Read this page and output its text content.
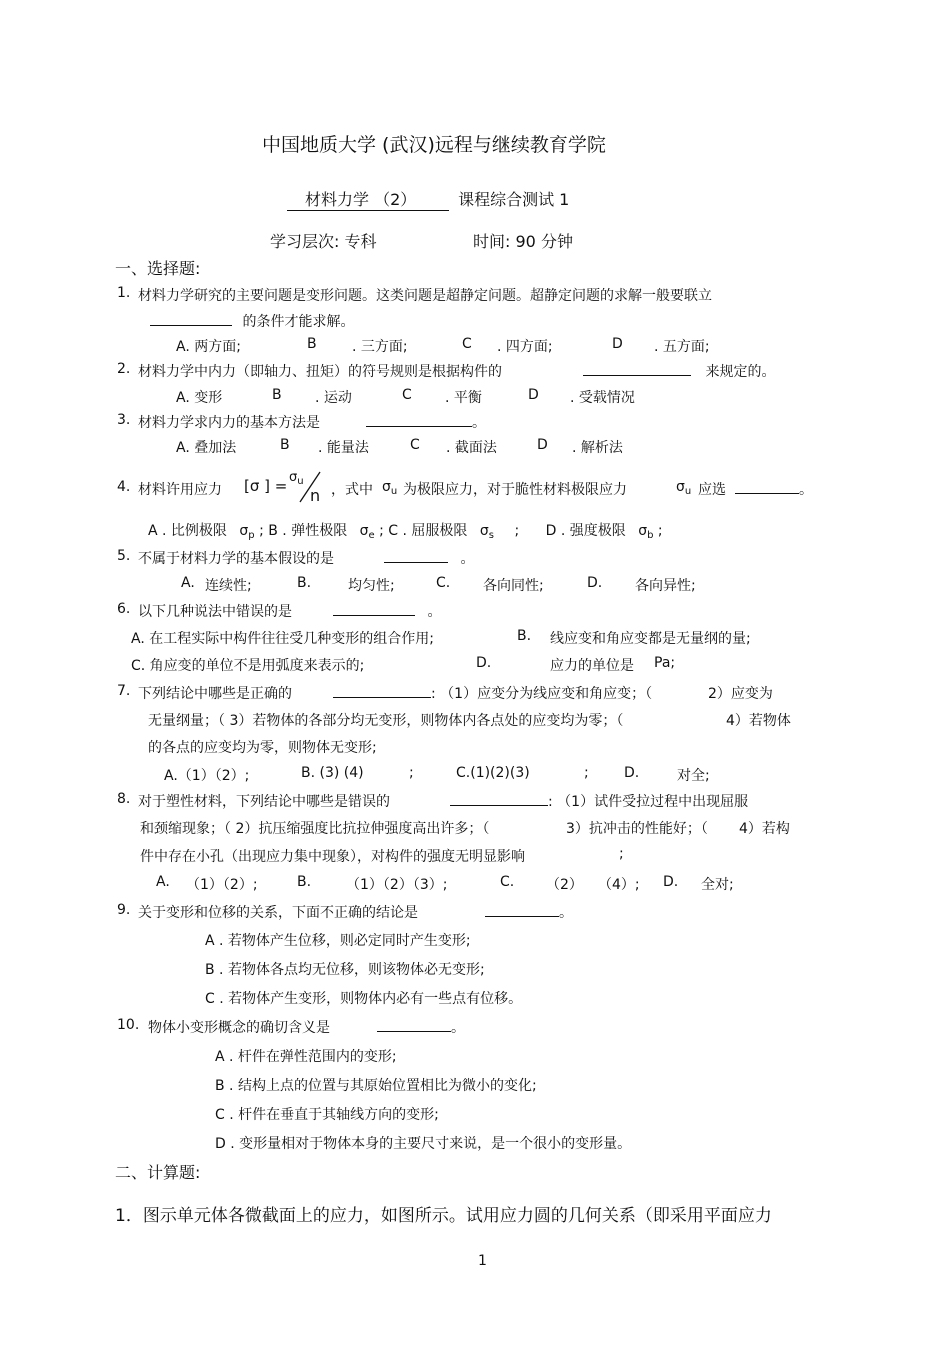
中国地质大学 (武汉)远程与继续教育学院
材料力学 （2）	课程综合测试 1
学习层次: 专科	时间: 90 分钟
一、选择题:
1. 材料力学研究的主要问题是变形问题。这类问题是超静定问题。超静定问题的求解一般要联立
的条件才能求解。
A. 两方面;	B	. 三方面;	C . 四方面;	D . 五方面;
2. 材料力学中内力（即轴力、扭矩）的符号规则是根据构件的	来规定的。
A. 变形	B . 运动	C . 平衡	D . 受载情况
3. 材料力学求内力的基本方法是	。
A. 叠加法	B . 能量法	C . 截面法	D . 解析法
4. 材料许用应力 [σ ] = $\sigma_u$
n ，式中 $\sigma_u$ 为极限应力，对于脆性材料极限应力	$\sigma_u$ 应选	。
A . 比例极限 $\sigma_p$ ; B . 弹性极限 $\sigma_e$ ; C . 屈服极限 $\sigma_s$ ; D . 强度极限 $\sigma_b$ ;
5. 不属于材料力学的基本假设的是	。
A. 连续性;	B.	均匀性;	C. 各向同性;	D. 各向异性;
6. 以下几种说法中错误的是	。
A. 在工程实际中构件往往受几种变形的组合作用;	B. 线应变和角应变都是无量纲的量;
C. 角应变的单位不是用弧度来表示的;	D.	应力的单位是 Pa;
7. 下列结论中哪些是正确的	: （1）应变分为线应变和角应变；（	2）应变为
无量纲量；（ 3）若物体的各部分均无变形，则物体内各点处的应变均为零；（	4）若物体
的各点的应变均为零，则物体无变形;
A.（1）（2）;	B. (3) (4)	;	C.(1)(2)(3)	;	D.	对全;
8. 对于塑性材料，下列结论中哪些是错误的	: （1）试件受拉过程中出现屈服
和颈缩现象；（ 2）抗压缩强度比抗拉伸强度高出许多；（	3）抗冲击的性能好；（ 4）若构
件中存在小孔（出现应力集中现象），对构件的强度无明显影响	;
A. （1）（2）;	B. （1）（2）（3）;	C. （2） （4）; D. 全对;
9. 关于变形和位移的关系，下面不正确的结论是	。
A . 若物体产生位移，则必定同时产生变形;
B . 若物体各点均无位移，则该物体必无变形;
C . 若物体产生变形，则物体内必有一些点有位移。
10. 物体小变形概念的确切含义是	。
A . 杆件在弹性范围内的变形;
B . 结构上点的位置与其原始位置相比为微小的变化;
C . 杆件在垂直于其轴线方向的变形;
D . 变形量相对于物体本身的主要尺寸来说，是一个很小的变形量。
二、计算题:
1．图示单元体各微截面上的应力，如图所示。试用应力圆的几何关系（即采用平面应力
1
